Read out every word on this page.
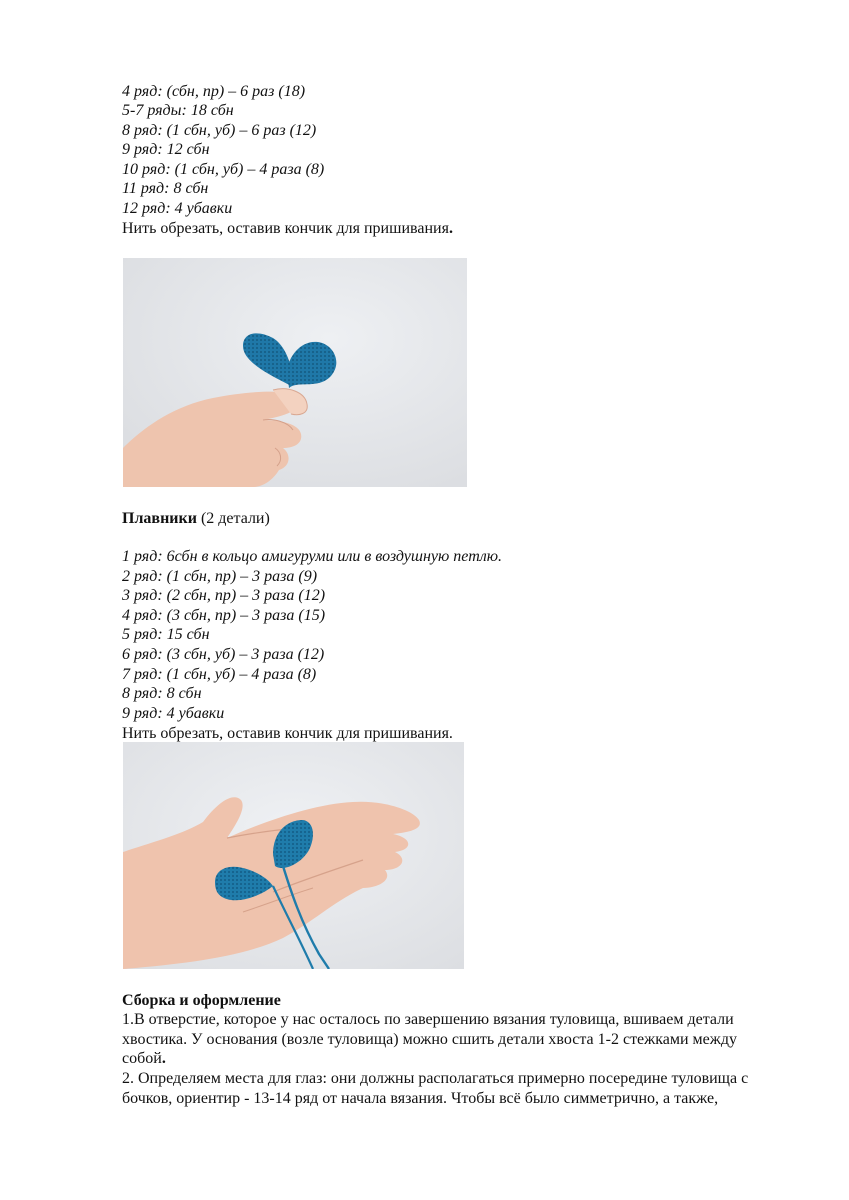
4 ряд: (сбн, пр) – 6 раз (18)
5-7 ряды: 18 сбн
8 ряд: (1 сбн, уб) – 6 раз (12)
9 ряд: 12 сбн
10 ряд: (1 сбн, уб) – 4 раза (8)
11 ряд: 8 сбн
12 ряд: 4 убавки
Нить обрезать, оставив кончик для пришивания.
Плавники (2 детали)
1 ряд: 6сбн в кольцо амигуруми или в воздушную петлю.
2 ряд: (1 сбн, пр) – 3 раза (9)
3 ряд: (2 сбн, пр) – 3 раза (12)
4 ряд: (3 сбн, пр) – 3 раза (15)
5 ряд: 15 сбн
6 ряд: (3 сбн, уб) – 3 раза (12)
7 ряд: (1 сбн, уб) – 4 раза (8)
8 ряд: 8 сбн
9 ряд: 4 убавки
Нить обрезать, оставив кончик для пришивания.
Сборка и оформление
1.В отверстие, которое у нас осталось по завершению вязания туловища, вшиваем детали хвостика. У основания (возле туловища) можно сшить детали хвоста 1-2 стежками между собой.
2. Определяем места для глаз: они должны располагаться примерно посередине туловища с бочков, ориентир - 13-14 ряд от начала вязания. Чтобы всё было симметрично, а также,
